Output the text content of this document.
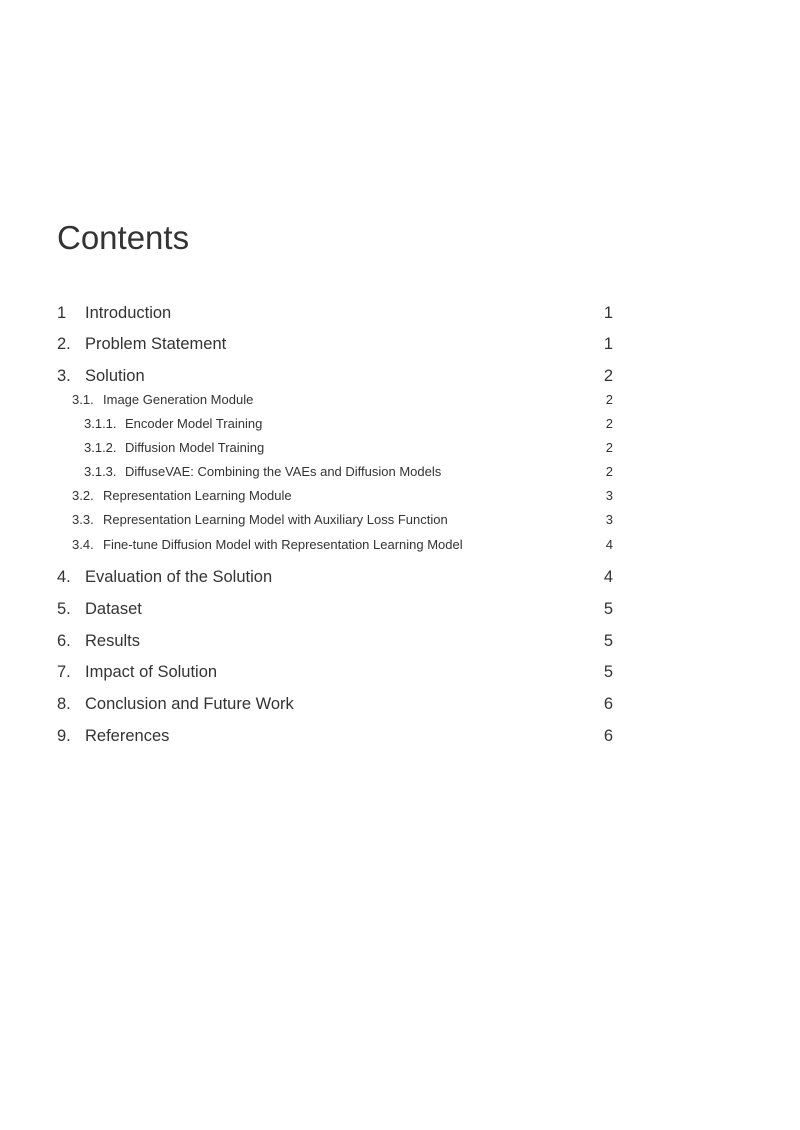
Contents
1 Introduction	1
2. Problem Statement	1
3. Solution	2
3.1. Image Generation Module	2
3.1.1. Encoder Model Training	2
3.1.2. Diffusion Model Training	2
3.1.3. DiffuseVAE: Combining the VAEs and Diffusion Models	2
3.2. Representation Learning Module	3
3.3. Representation Learning Model with Auxiliary Loss Function	3
3.4. Fine-tune Diffusion Model with Representation Learning Model	4
4. Evaluation of the Solution	4
5. Dataset	5
6. Results	5
7. Impact of Solution	5
8. Conclusion and Future Work	6
9. References	6
